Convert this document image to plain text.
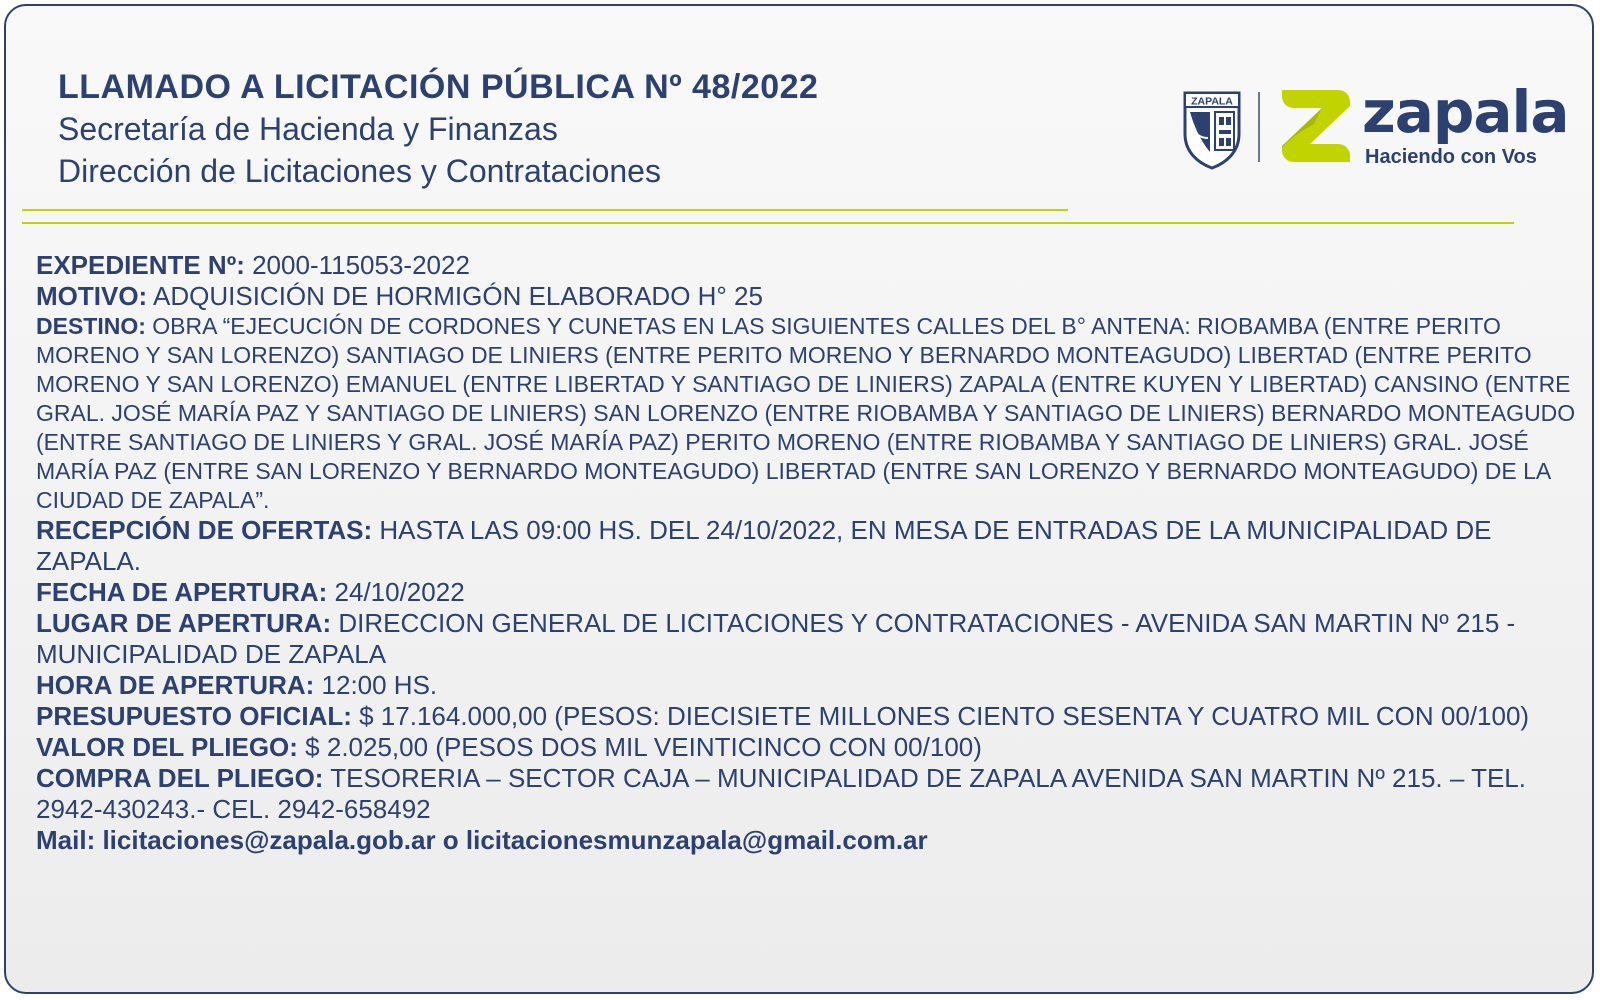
LLAMADO A LICITACIÓN PÚBLICA Nº 48/2022
Secretaría de Hacienda y Finanzas
Dirección de Licitaciones y Contrataciones
ZAPALA zapala
Haciendo con Vos
EXPEDIENTE Nº: 2000-115053-2022
MOTIVO: ADQUISICIÓN DE HORMIGÓN ELABORADO H° 25
DESTINO: OBRA “EJECUCIÓN DE CORDONES Y CUNETAS EN LAS SIGUIENTES CALLES DEL B° ANTENA: RIOBAMBA (ENTRE PERITO MORENO Y SAN LORENZO) SANTIAGO DE LINIERS (ENTRE PERITO MORENO Y BERNARDO MONTEAGUDO) LIBERTAD (ENTRE PERITO MORENO Y SAN LORENZO) EMANUEL (ENTRE LIBERTAD Y SANTIAGO DE LINIERS) ZAPALA (ENTRE KUYEN Y LIBERTAD) CANSINO (ENTRE GRAL. JOSÉ MARÍA PAZ Y SANTIAGO DE LINIERS) SAN LORENZO (ENTRE RIOBAMBA Y SANTIAGO DE LINIERS) BERNARDO MONTEAGUDO (ENTRE SANTIAGO DE LINIERS Y GRAL. JOSÉ MARÍA PAZ) PERITO MORENO (ENTRE RIOBAMBA Y SANTIAGO DE LINIERS) GRAL. JOSÉ MARÍA PAZ (ENTRE SAN LORENZO Y BERNARDO MONTEAGUDO) LIBERTAD (ENTRE SAN LORENZO Y BERNARDO MONTEAGUDO) DE LA CIUDAD DE ZAPALA”.
RECEPCIÓN DE OFERTAS: HASTA LAS 09:00 HS. DEL 24/10/2022, EN MESA DE ENTRADAS DE LA MUNICIPALIDAD DE ZAPALA.
FECHA DE APERTURA: 24/10/2022
LUGAR DE APERTURA: DIRECCION GENERAL DE LICITACIONES Y CONTRATACIONES - AVENIDA SAN MARTIN Nº 215 - MUNICIPALIDAD DE ZAPALA
HORA DE APERTURA: 12:00 HS.
PRESUPUESTO OFICIAL: $ 17.164.000,00 (PESOS: DIECISIETE MILLONES CIENTO SESENTA Y CUATRO MIL CON 00/100)
VALOR DEL PLIEGO: $ 2.025,00 (PESOS DOS MIL VEINTICINCO CON 00/100)
COMPRA DEL PLIEGO: TESORERIA – SECTOR CAJA – MUNICIPALIDAD DE ZAPALA AVENIDA SAN MARTIN Nº 215. – TEL. 2942-430243.- CEL. 2942-658492
Mail: licitaciones@zapala.gob.ar o licitacionesmunzapala@gmail.com.ar
